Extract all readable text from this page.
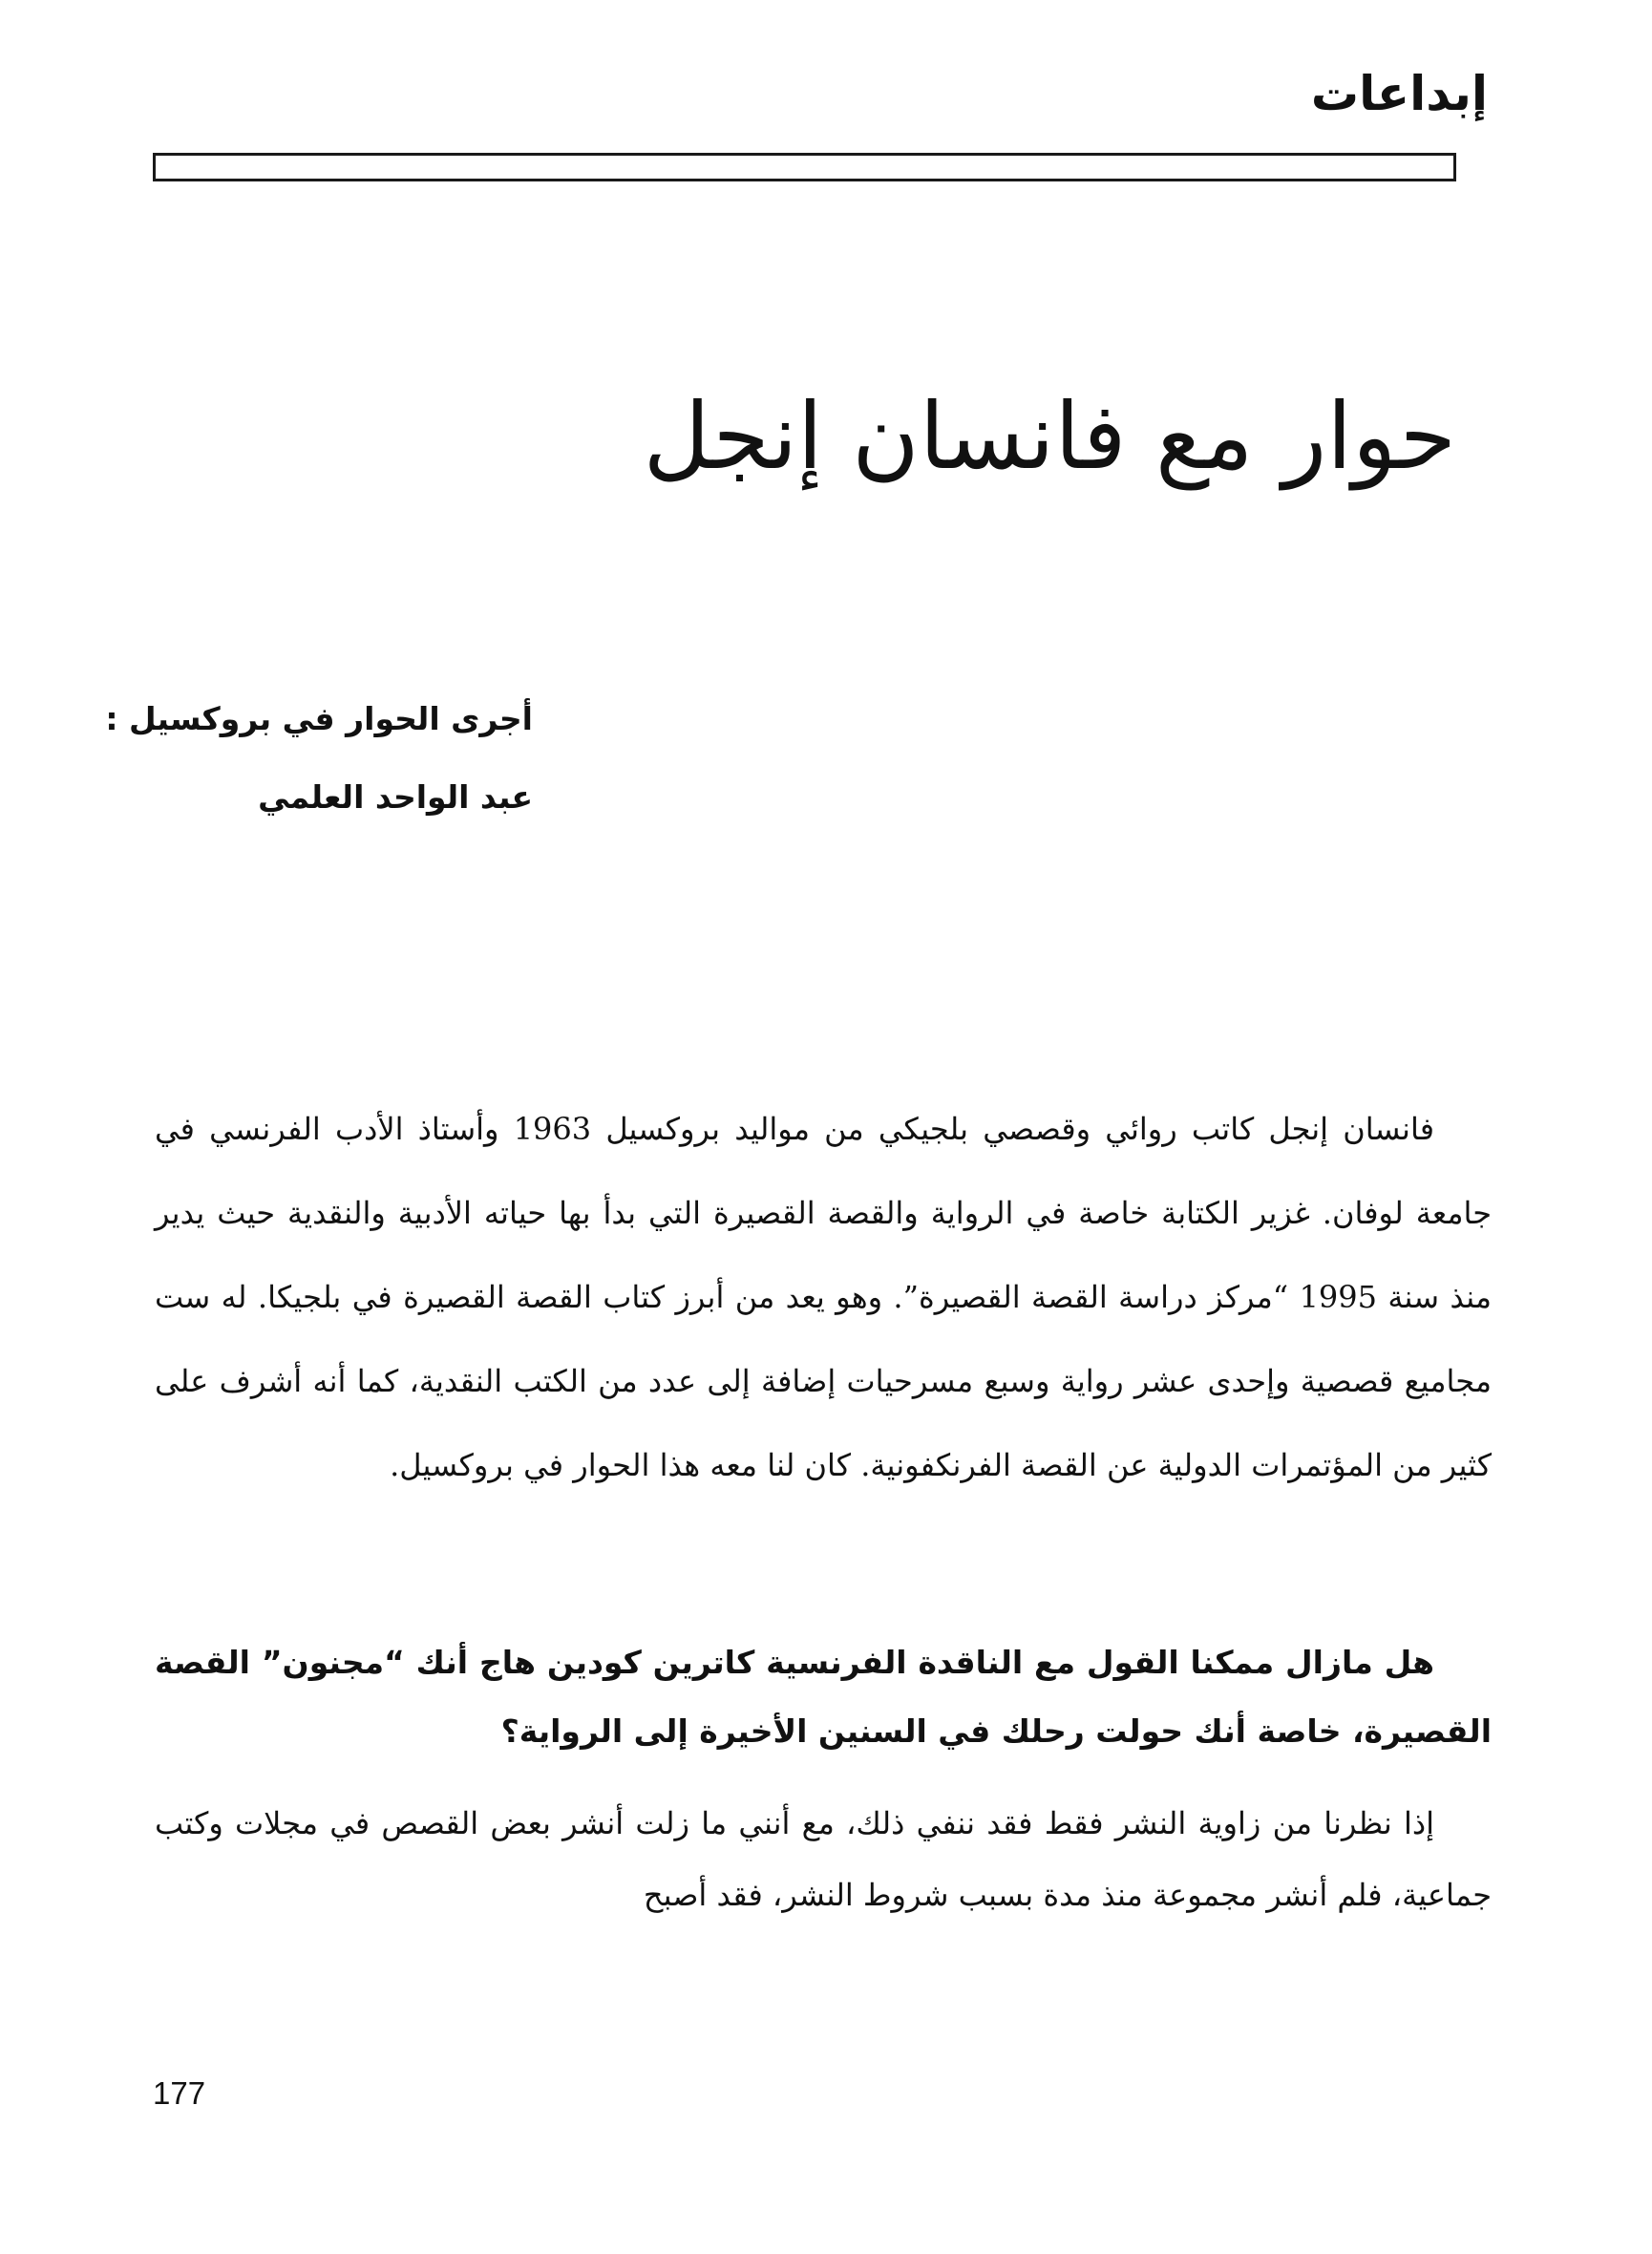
إبداعات
حوار مع فانسان إنجل
أجرى الحوار في بروكسيل :
عبد الواحد العلمي

فانسان إنجل كاتب روائي وقصصي بلجيكي من مواليد بروكسيل 1963 وأستاذ الأدب الفرنسي في جامعة لوفان. غزير الكتابة خاصة في الرواية والقصة القصيرة التي بدأ بها حياته الأدبية والنقدية حيث يدير منذ سنة 1995 “مركز دراسة القصة القصيرة”. وهو يعد من أبرز كتاب القصة القصيرة في بلجيكا. له ست مجاميع قصصية وإحدى عشر رواية وسبع مسرحيات إضافة إلى عدد من الكتب النقدية، كما أنه أشرف على كثير من المؤتمرات الدولية عن القصة الفرنكفونية. كان لنا معه هذا الحوار في بروكسيل.

هل مازال ممكنا القول مع الناقدة الفرنسية كاترين كودين هاج أنك “مجنون” القصة القصيرة، خاصة أنك حولت رحلك في السنين الأخيرة إلى الرواية؟

إذا نظرنا من زاوية النشر فقط فقد ننفي ذلك، مع أنني ما زلت أنشر بعض القصص في مجلات وكتب جماعية، فلم أنشر مجموعة منذ مدة بسبب شروط النشر، فقد أصبح

177
